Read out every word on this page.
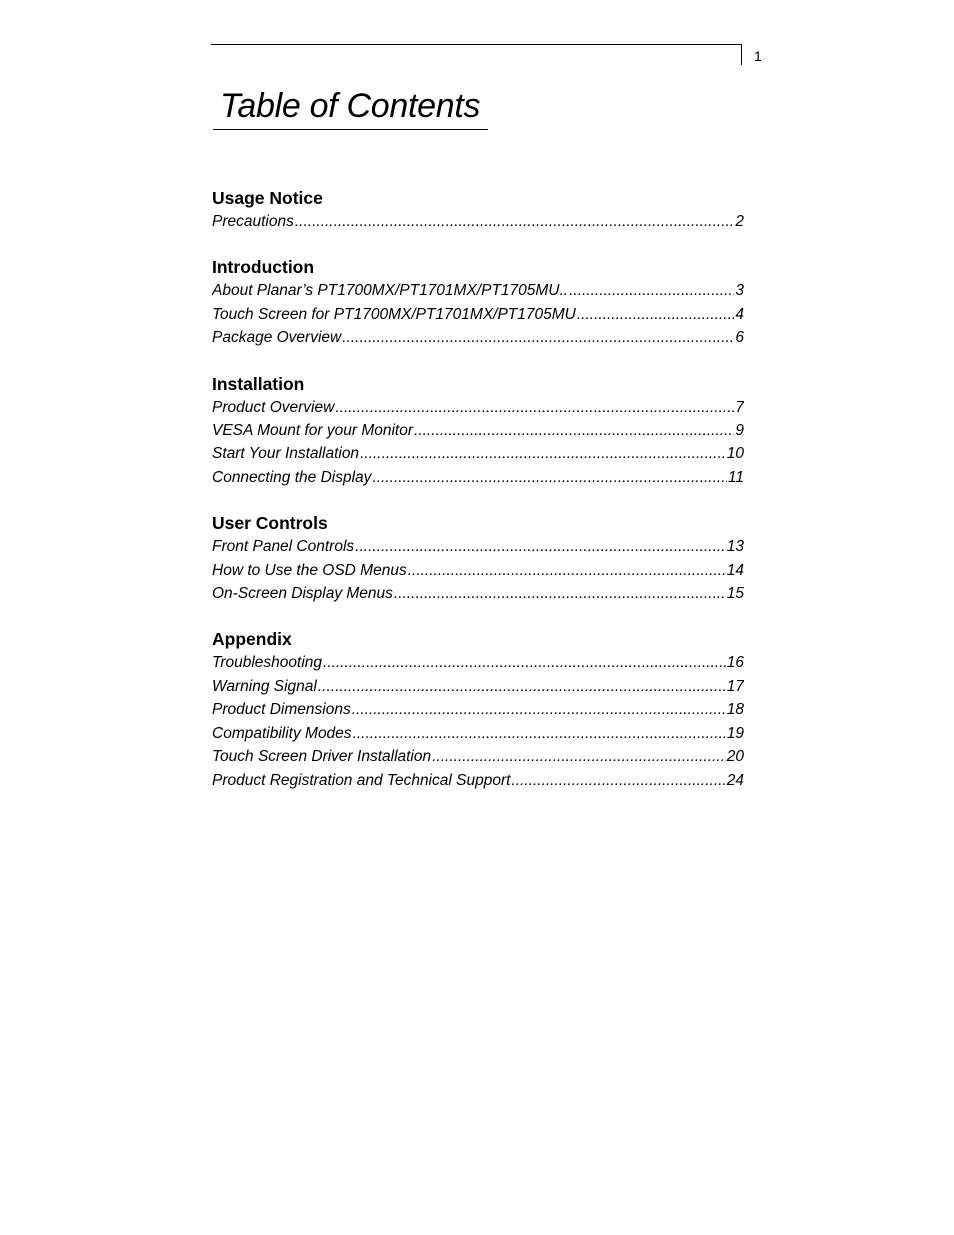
1
Table of Contents
Usage Notice
Precautions .....	2
Introduction
About Planar’s PT1700MX/PT1701MX/PT1705MU.. .....	3
Touch Screen for PT1700MX/PT1701MX/PT1705MU .....	4
Package Overview .....	6
Installation
Product Overview .....	7
VESA Mount for your Monitor .....	9
Start Your Installation .....	10
Connecting the Display .....	11
User Controls
Front Panel Controls .....	13
How to Use the OSD Menus .....	14
On-Screen Display Menus .....	15
Appendix
Troubleshooting .....	16
Warning Signal .....	17
Product Dimensions .....	18
Compatibility Modes .....	19
Touch Screen Driver Installation .....	20
Product Registration and Technical Support .....	24
